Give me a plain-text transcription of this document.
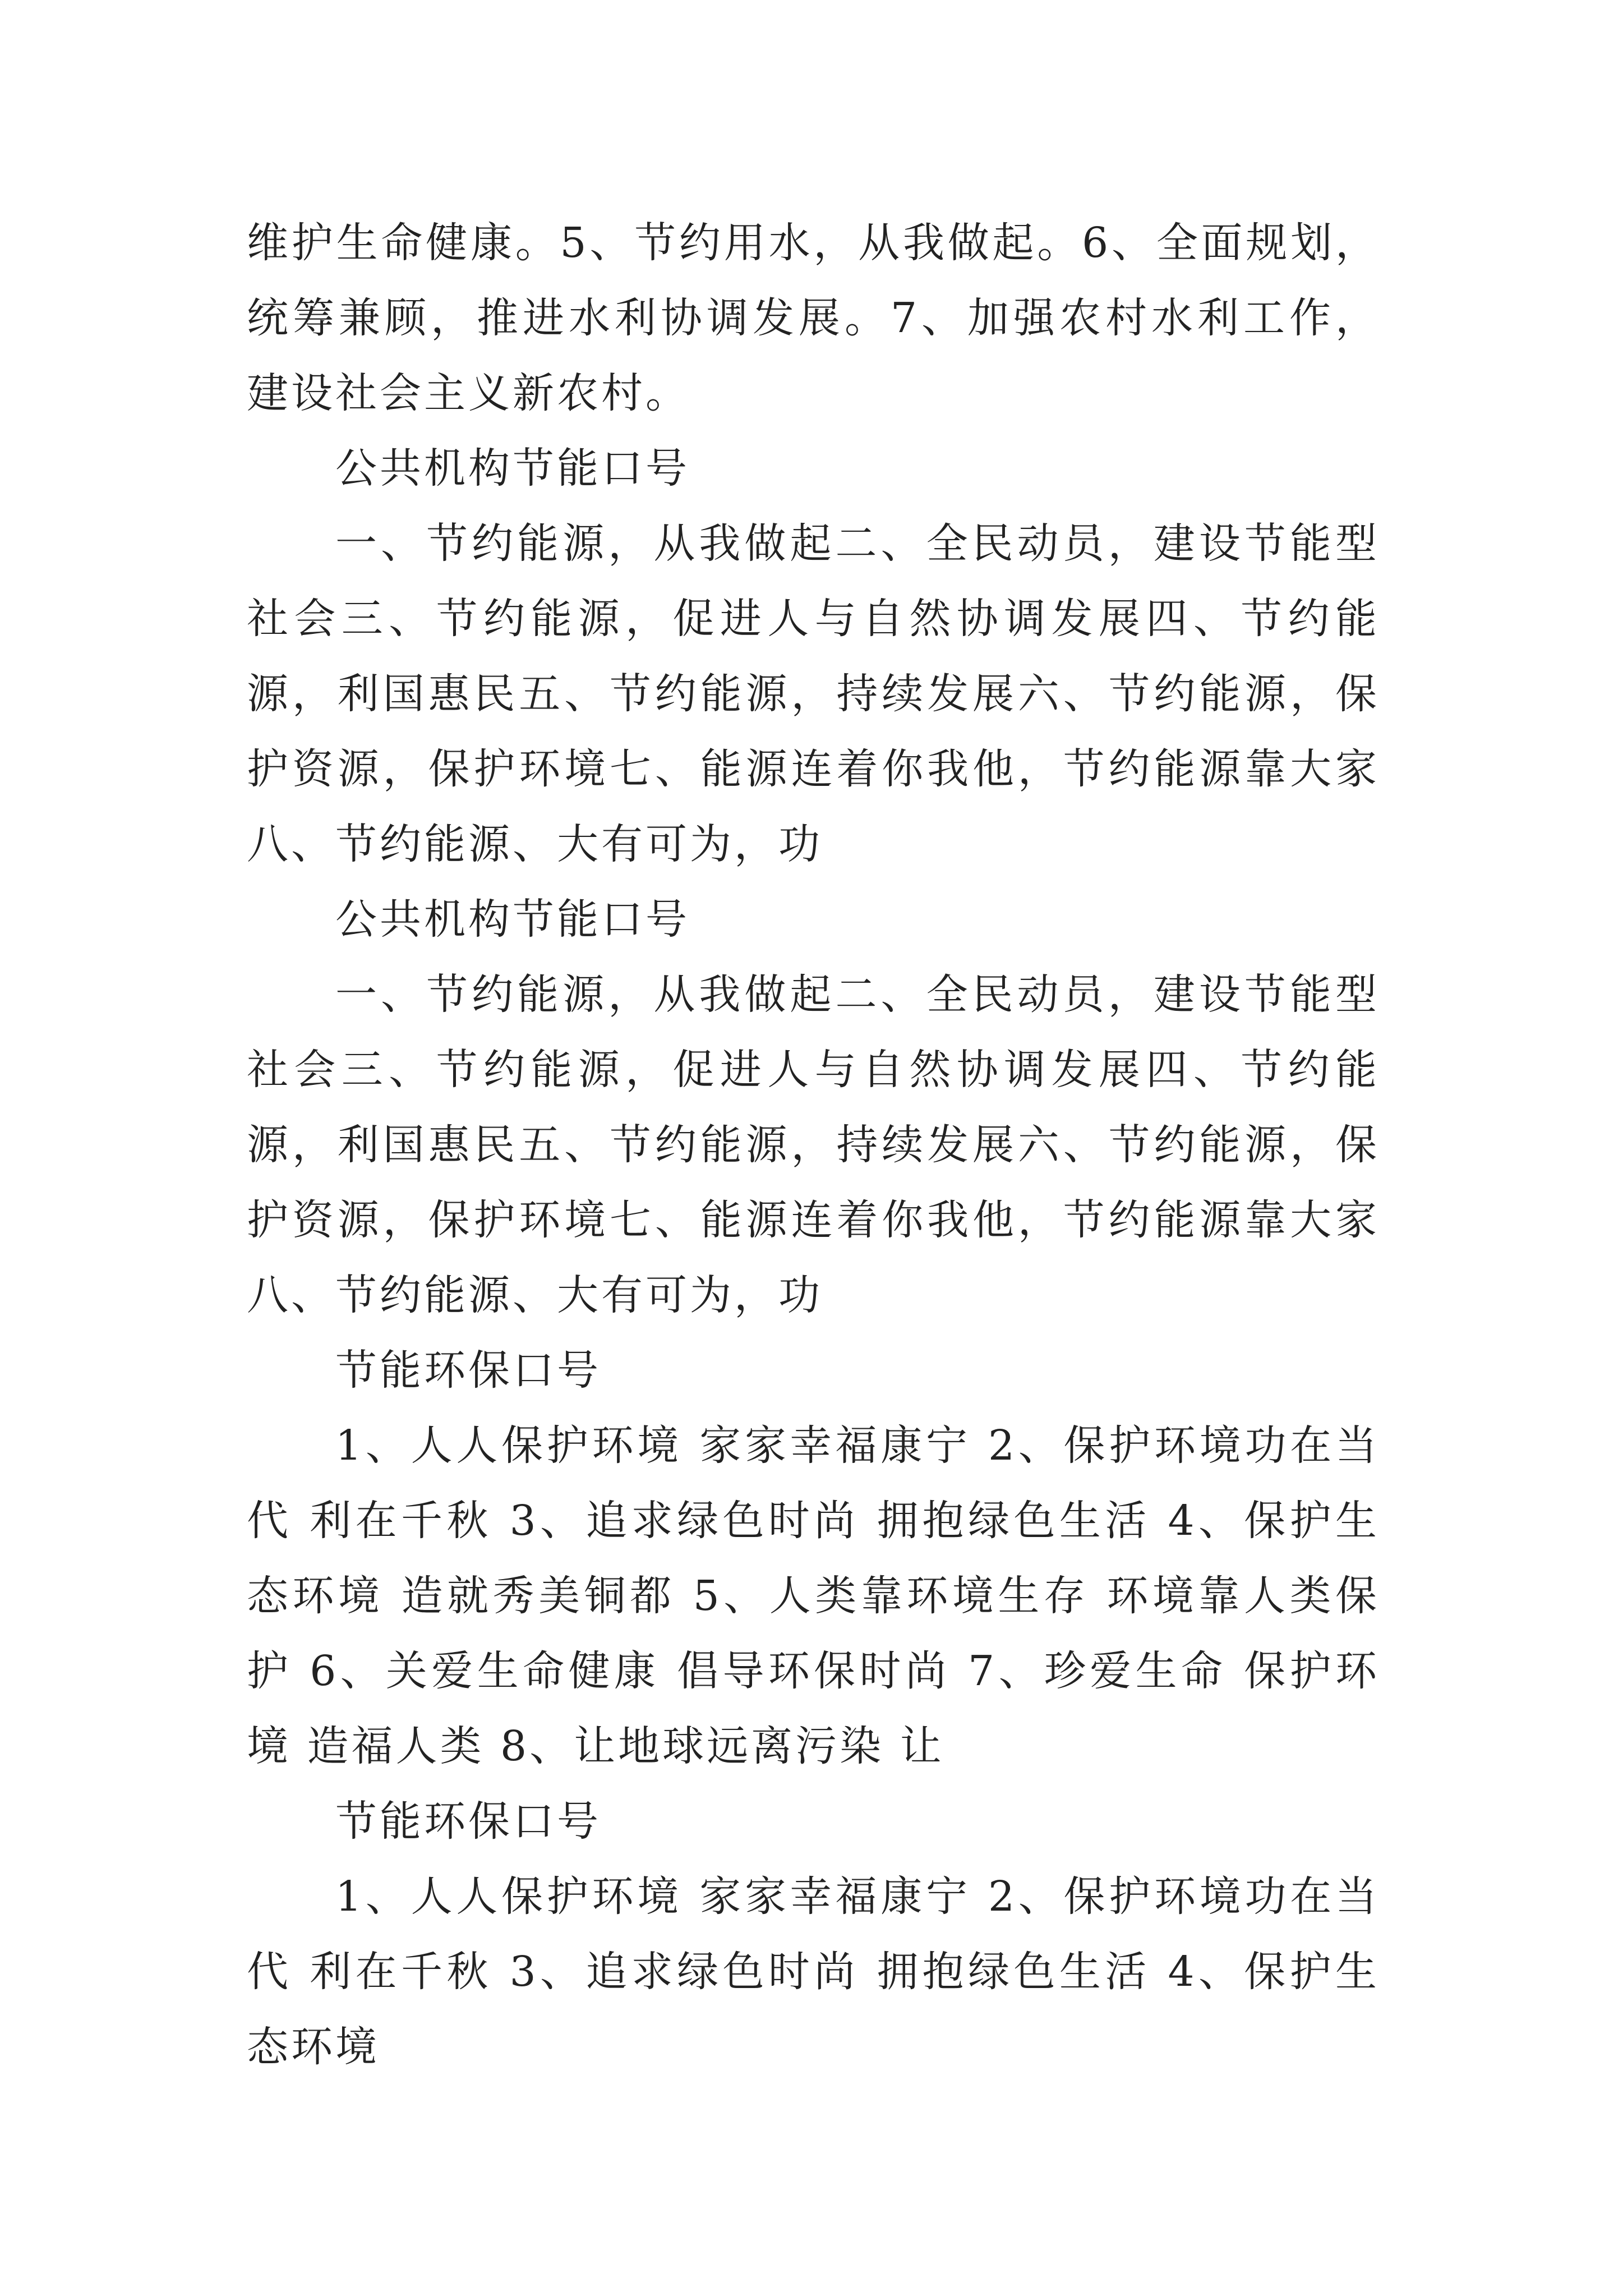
维护生命健康。5、节约用水，从我做起。6、全面规划，统筹兼顾，推进水利协调发展。7、加强农村水利工作，建设社会主义新农村。

公共机构节能口号

一、节约能源，从我做起二、全民动员，建设节能型社会三、节约能源，促进人与自然协调发展四、节约能源，利国惠民五、节约能源，持续发展六、节约能源，保护资源，保护环境七、能源连着你我他，节约能源靠大家八、节约能源、大有可为，功

公共机构节能口号

一、节约能源，从我做起二、全民动员，建设节能型社会三、节约能源，促进人与自然协调发展四、节约能源，利国惠民五、节约能源，持续发展六、节约能源，保护资源，保护环境七、能源连着你我他，节约能源靠大家八、节约能源、大有可为，功

节能环保口号

1、人人保护环境 家家幸福康宁 2、保护环境功在当代 利在千秋 3、追求绿色时尚 拥抱绿色生活 4、保护生态环境 造就秀美铜都 5、人类靠环境生存 环境靠人类保护 6、关爱生命健康 倡导环保时尚 7、珍爱生命 保护环境 造福人类 8、让地球远离污染 让

节能环保口号

1、人人保护环境 家家幸福康宁 2、保护环境功在当代 利在千秋 3、追求绿色时尚 拥抱绿色生活 4、保护生态环境
